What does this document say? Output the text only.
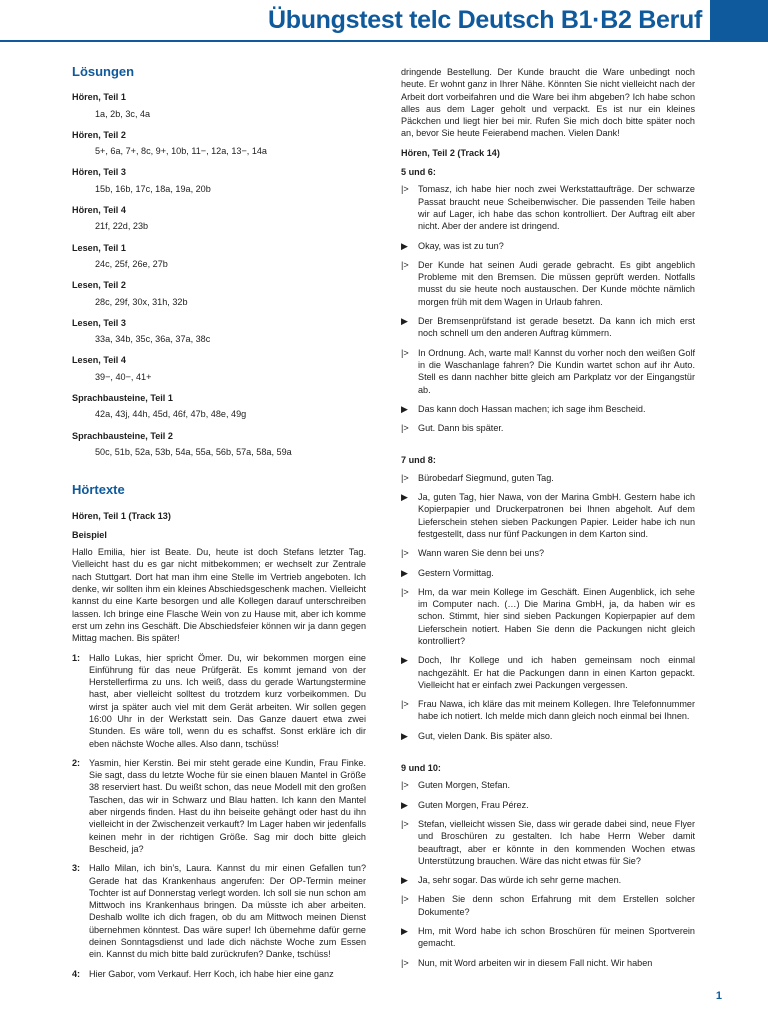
Übungstest telc Deutsch B1·B2 Beruf
Lösungen
Hören, Teil 1
1a, 2b, 3c, 4a
Hören, Teil 2
5+, 6a, 7+, 8c, 9+, 10b, 11−, 12a, 13−, 14a
Hören, Teil 3
15b, 16b, 17c, 18a, 19a, 20b
Hören, Teil 4
21f, 22d, 23b
Lesen, Teil 1
24c, 25f, 26e, 27b
Lesen, Teil 2
28c, 29f, 30x, 31h, 32b
Lesen, Teil 3
33a, 34b, 35c, 36a, 37a, 38c
Lesen, Teil 4
39−, 40−, 41+
Sprachbausteine, Teil 1
42a, 43j, 44h, 45d, 46f, 47b, 48e, 49g
Sprachbausteine, Teil 2
50c, 51b, 52a, 53b, 54a, 55a, 56b, 57a, 58a, 59a
Hörtexte
Hören, Teil 1 (Track 13)
Beispiel

Hallo Emilia, hier ist Beate. Du, heute ist doch Stefans letzter Tag. Vielleicht hast du es gar nicht mitbekommen; er wechselt zur Zentrale nach Stuttgart. Dort hat man ihm eine Stelle im Vertrieb angeboten. Ich denke, wir sollten ihm ein kleines Abschiedsgeschenk machen. Vielleicht kannst du eine Karte besorgen und alle Kollegen darauf unterschreiben lassen. Ich bringe eine Flasche Wein von zu Hause mit, aber ich komme erst um zehn ins Geschäft. Die Abschiedsfeier können wir ja dann gegen Mittag machen. Bis später!

1: Hallo Lukas, hier spricht Ömer. Du, wir bekommen morgen eine Einführung für das neue Prüfgerät. Es kommt jemand von der Herstellerfirma zu uns. Ich weiß, dass du gerade Wartungstermine hast, aber vielleicht solltest du trotzdem kurz vorbeikommen. Du wirst ja später auch viel mit dem Gerät arbeiten. Wir sollen gegen 16:00 Uhr in der Werkstatt sein. Das Ganze dauert etwa zwei Stunden. Es wäre toll, wenn du es schaffst. Sonst erkläre ich dir eben nächste Woche alles. Also dann, tschüss!
2: Yasmin, hier Kerstin. Bei mir steht gerade eine Kundin, Frau Finke. Sie sagt, dass du letzte Woche für sie einen blauen Mantel in Größe 38 reserviert hast. Du weißt schon, das neue Modell mit den großen Taschen, das wir in Schwarz und Blau hatten. Ich kann den Mantel aber nirgends finden. Hast du ihn beiseite gehängt oder hast du ihn vielleicht in der Zwischenzeit verkauft? Im Lager haben wir jedenfalls keinen mehr in der richtigen Größe. Sag mir doch bitte gleich Bescheid, ja?
3: Hallo Milan, ich bin’s, Laura. Kannst du mir einen Gefallen tun? Gerade hat das Krankenhaus angerufen: Der OP-Termin meiner Tochter ist auf Donnerstag verlegt worden. Ich soll sie nun schon am Mittwoch ins Krankenhaus bringen. Da müsste ich aber arbeiten. Deshalb wollte ich dich fragen, ob du am Mittwoch meinen Dienst übernehmen könntest. Das wäre super! Ich übernehme dafür gerne deinen Sonntagsdienst und lade dich nächste Woche zum Essen ein. Kannst du mich bitte bald zurückrufen? Danke, tschüss!
4: Hier Gabor, vom Verkauf. Herr Koch, ich habe hier eine ganz

dringende Bestellung. Der Kunde braucht die Ware unbedingt noch heute. Er wohnt ganz in Ihrer Nähe. Könnten Sie nicht vielleicht nach der Arbeit dort vorbeifahren und die Ware bei ihm abgeben? Ich habe schon alles aus dem Lager geholt und verpackt. Es ist nur ein kleines Päckchen und liegt hier bei mir. Rufen Sie mich doch bitte später noch an, bevor Sie heute Feierabend machen. Vielen Dank!

Hören, Teil 2 (Track 14)
5 und 6:
|>	Tomasz, ich habe hier noch zwei Werkstattaufträge. Der schwarze Passat braucht neue Scheibenwischer. Die passenden Teile haben wir auf Lager, ich habe das schon kontrolliert. Der Auftrag eilt aber nicht. Aber der andere ist dringend.
▶	Okay, was ist zu tun?
|>	Der Kunde hat seinen Audi gerade gebracht. Es gibt angeblich Probleme mit den Bremsen. Die müssen geprüft werden. Notfalls musst du sie heute noch austauschen. Der Kunde möchte nämlich morgen früh mit dem Wagen in Urlaub fahren.
▶	Der Bremsenprüfstand ist gerade besetzt. Da kann ich mich erst noch schnell um den anderen Auftrag kümmern.
|>	In Ordnung. Ach, warte mal! Kannst du vorher noch den weißen Golf in die Waschanlage fahren? Die Kundin wartet schon auf ihr Auto. Stell es dann nachher bitte gleich am Parkplatz vor der Eingangstür ab.
▶	Das kann doch Hassan machen; ich sage ihm Bescheid.
|>	Gut. Dann bis später.
7 und 8:
|>	Bürobedarf Siegmund, guten Tag.
▶	Ja, guten Tag, hier Nawa, von der Marina GmbH. Gestern habe ich Kopierpapier und Druckerpatronen bei Ihnen abgeholt. Auf dem Lieferschein stehen sieben Packungen Papier. Leider habe ich nun festgestellt, dass nur fünf Packungen in dem Karton sind.
|>	Wann waren Sie denn bei uns?
▶	Gestern Vormittag.
|>	Hm, da war mein Kollege im Geschäft. Einen Augenblick, ich sehe im Computer nach. (…) Die Marina GmbH, ja, da haben wir es schon. Stimmt, hier sind sieben Packungen Kopierpapier auf dem Lieferschein notiert. Haben Sie denn die Packungen nicht gleich kontrolliert?
▶	Doch, Ihr Kollege und ich haben gemeinsam noch einmal nachgezählt. Er hat die Packungen dann in einen Karton gepackt. Vielleicht hat er einfach zwei Packungen vergessen.
|>	Frau Nawa, ich kläre das mit meinem Kollegen. Ihre Telefonnummer habe ich notiert. Ich melde mich dann gleich noch einmal bei Ihnen.
▶	Gut, vielen Dank. Bis später also.
9 und 10:
|>	Guten Morgen, Stefan.
▶	Guten Morgen, Frau Pérez.
|>	Stefan, vielleicht wissen Sie, dass wir gerade dabei sind, neue Flyer und Broschüren zu gestalten. Ich habe Herrn Weber damit beauftragt, aber er könnte in den kommenden Wochen etwas Unterstützung brauchen. Wäre das nicht etwas für Sie?
▶	Ja, sehr sogar. Das würde ich sehr gerne machen.
|>	Haben Sie denn schon Erfahrung mit dem Erstellen solcher Dokumente?
▶	Hm, mit Word habe ich schon Broschüren für meinen Sportverein gemacht.
|>	Nun, mit Word arbeiten wir in diesem Fall nicht. Wir haben
1
